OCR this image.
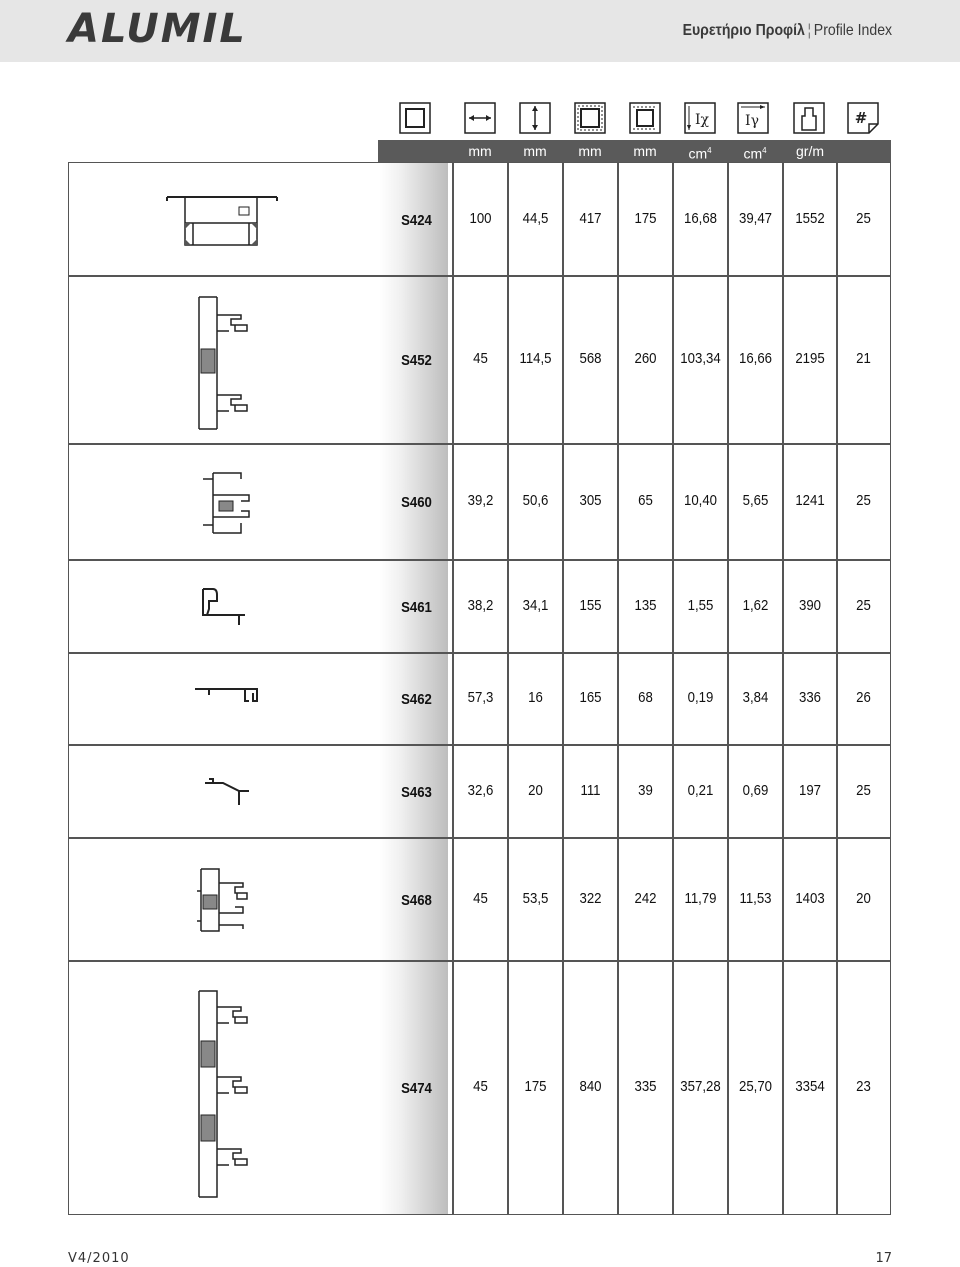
ALUMIL	Ευρετήριο Προφίλ ¦ Profile Index
Iχ	Iγ	#
mm	mm	mm	mm	$cm^4$	$cm^4$	gr/m
S424	100	44,5	417	175	16,68	39,47	1552	25
S452	45	114,5	568	260	103,34	16,66	2195	21
S460	39,2	50,6	305	65	10,40	5,65	1241	25
S461	38,2	34,1	155	135	1,55	1,62	390	25
S462	57,3	16	165	68	0,19	3,84	336	26
S463	32,6	20	111	39	0,21	0,69	197	25
S468	45	53,5	322	242	11,79	11,53	1403	20
S474	45	175	840	335	357,28	25,70	3354	23
V4/2010	17
